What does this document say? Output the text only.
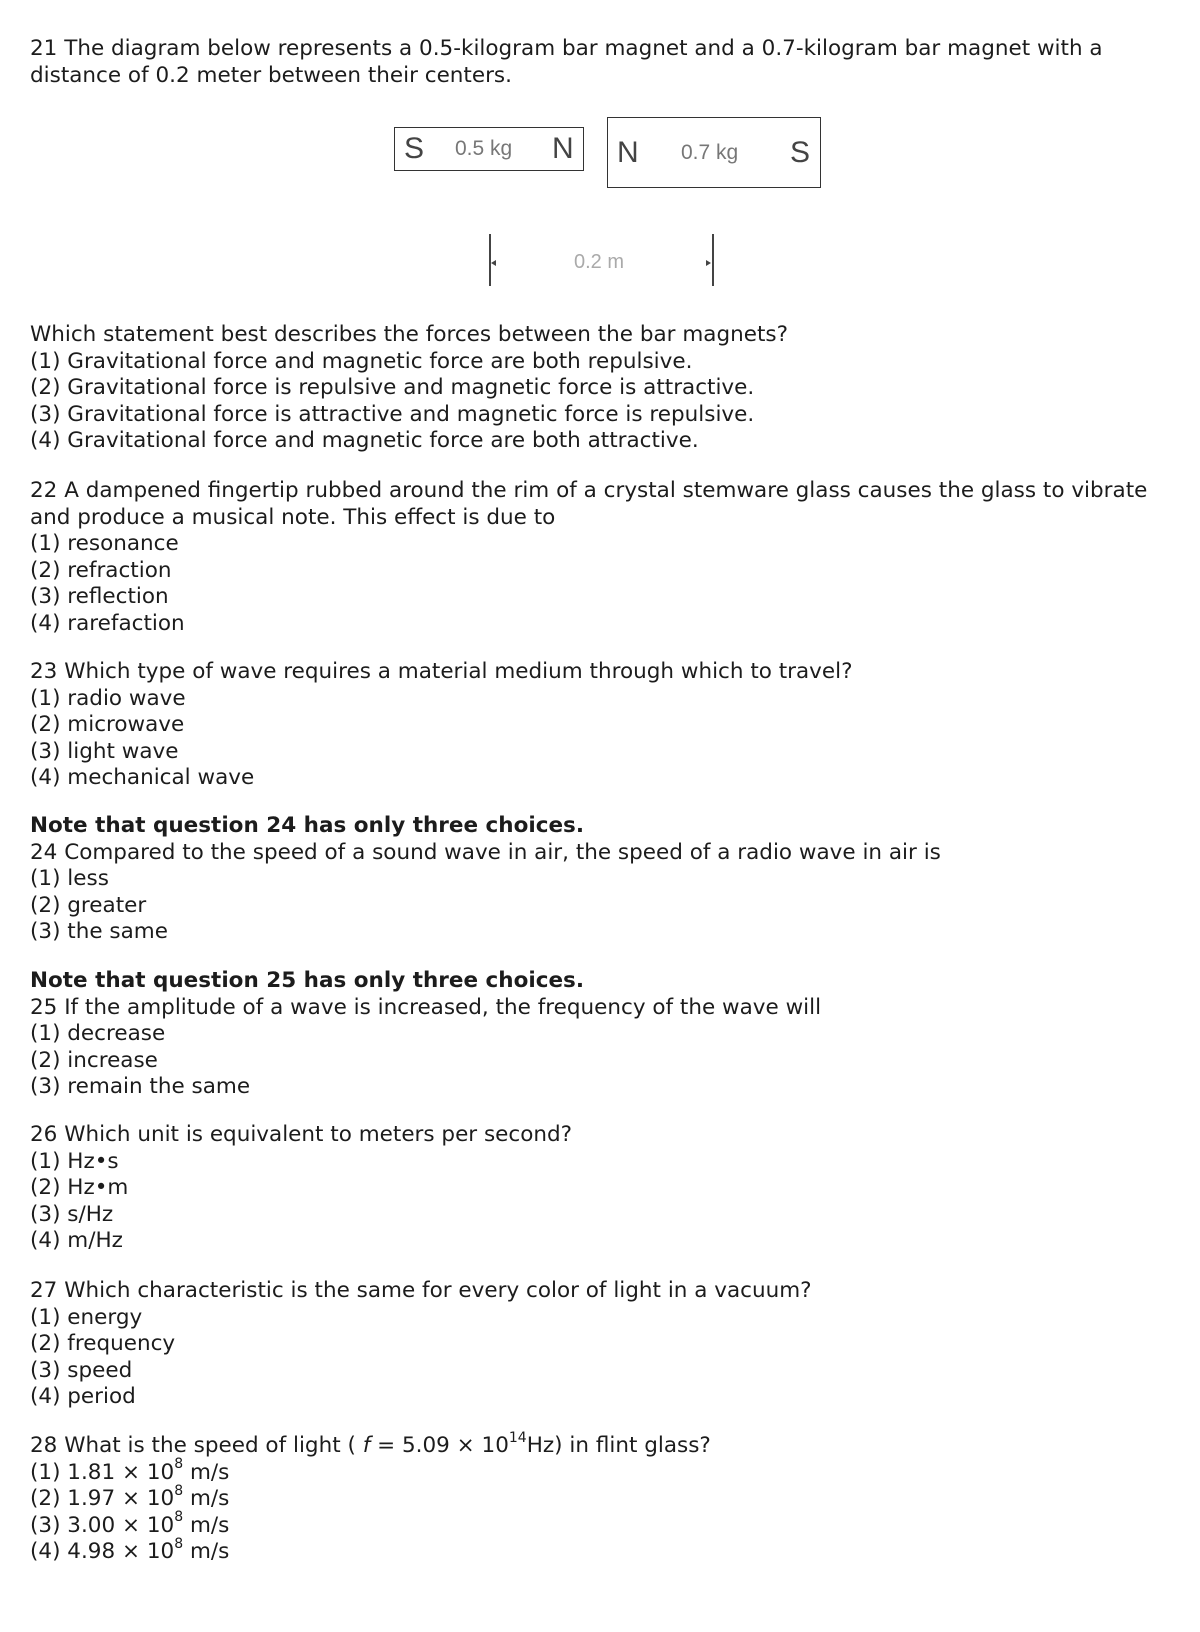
21 The diagram below represents a 0.5-kilogram bar magnet and a 0.7-kilogram bar magnet with a
distance of 0.2 meter between their centers.
S 0.5 kg N N 0.7 kg S
0.2 m
Which statement best describes the forces between the bar magnets?
(1) Gravitational force and magnetic force are both repulsive.
(2) Gravitational force is repulsive and magnetic force is attractive.
(3) Gravitational force is attractive and magnetic force is repulsive.
(4) Gravitational force and magnetic force are both attractive.
22 A dampened fingertip rubbed around the rim of a crystal stemware glass causes the glass to vibrate
and produce a musical note. This effect is due to
(1) resonance
(2) refraction
(3) reflection
(4) rarefaction
23 Which type of wave requires a material medium through which to travel?
(1) radio wave
(2) microwave
(3) light wave
(4) mechanical wave
Note that question 24 has only three choices.
24 Compared to the speed of a sound wave in air, the speed of a radio wave in air is
(1) less
(2) greater
(3) the same
Note that question 25 has only three choices.
25 If the amplitude of a wave is increased, the frequency of the wave will
(1) decrease
(2) increase
(3) remain the same
26 Which unit is equivalent to meters per second?
(1) Hz•s
(2) Hz•m
(3) s/Hz
(4) m/Hz
27 Which characteristic is the same for every color of light in a vacuum?
(1) energy
(2) frequency
(3) speed
(4) period
28 What is the speed of light ( $f = 5.09 \times 10^{14}Hz$) in flint glass?
(1) $1.81 \times 10^8$ m/s
(2) $1.97 \times 10^8$ m/s
(3) $3.00 \times 10^8$ m/s
(4) $4.98 \times 10^8$ m/s
